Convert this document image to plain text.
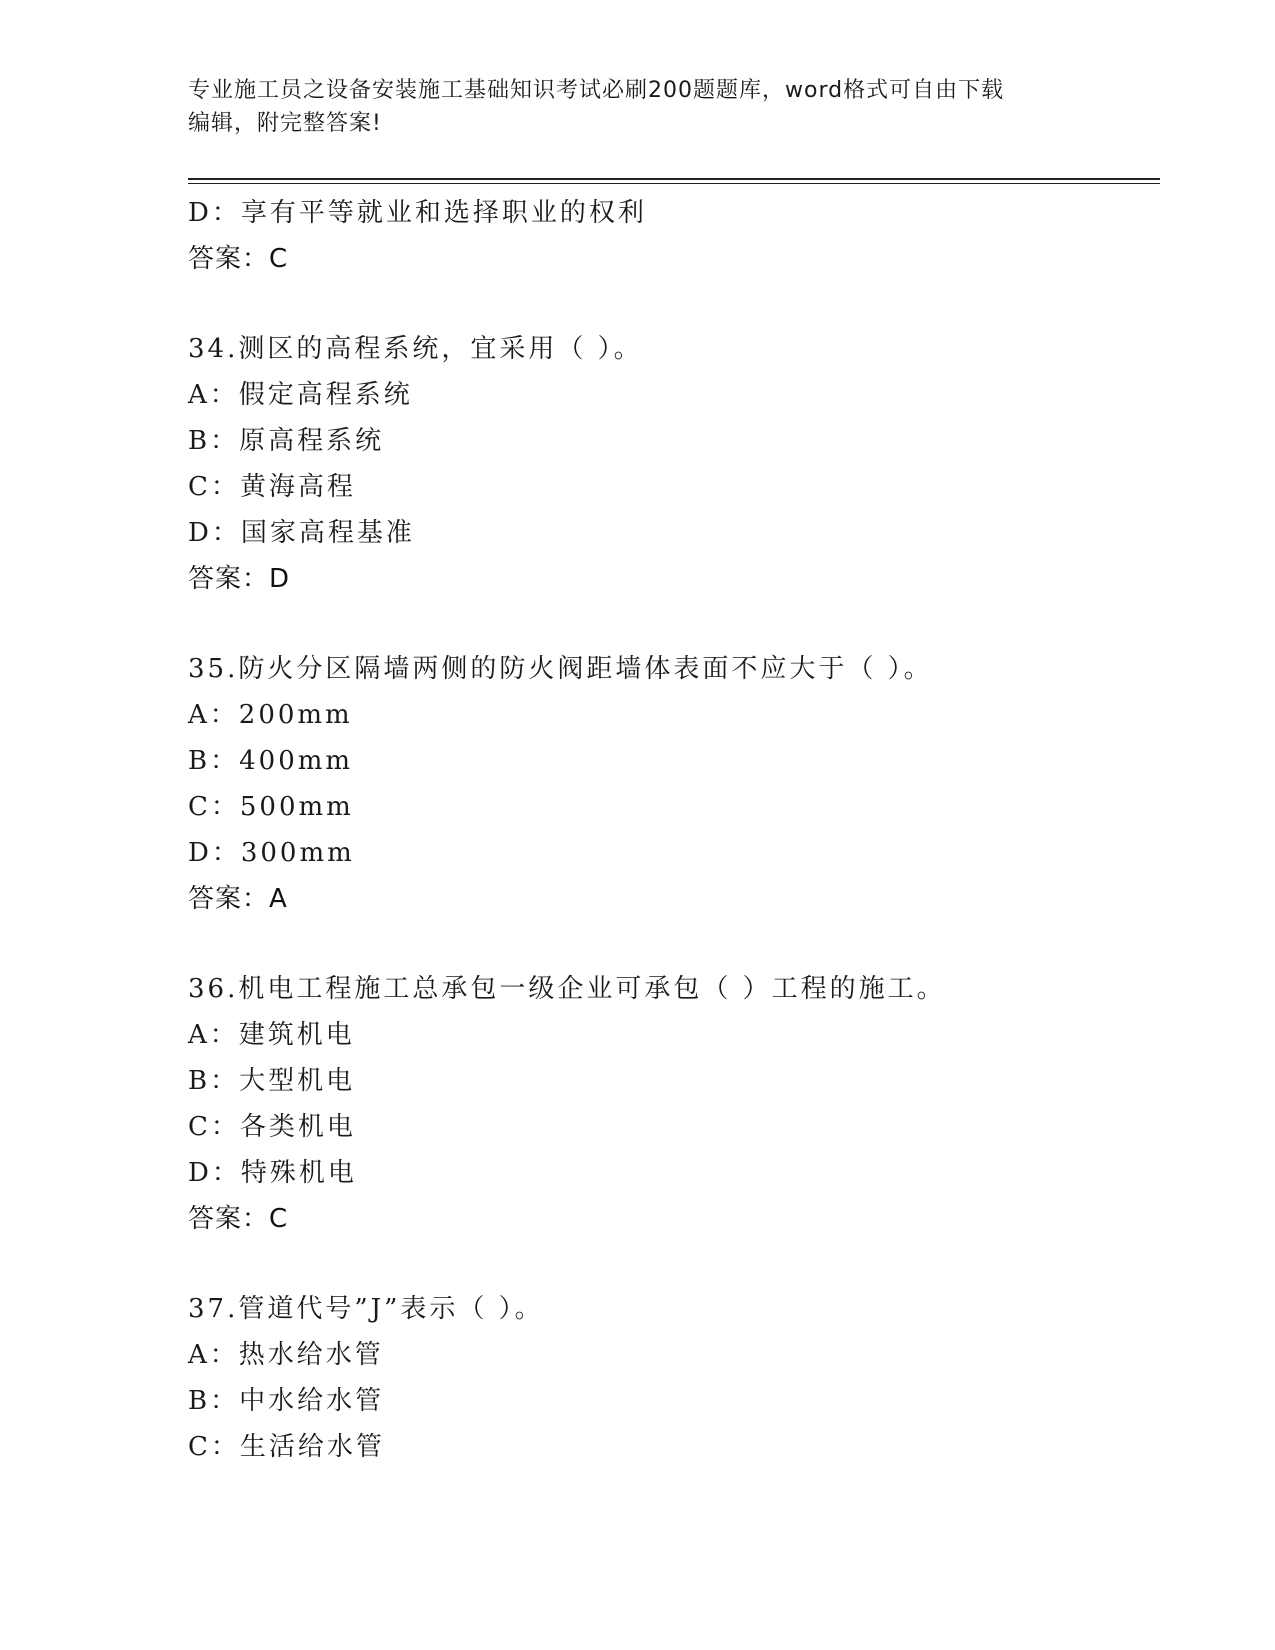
专业施工员之设备安装施工基础知识考试必刷200题题库，word格式可自由下载
编辑，附完整答案!
D：享有平等就业和选择职业的权利
答案：C
34.测区的高程系统，宜采用（ ）。
A：假定高程系统
B：原高程系统
C：黄海高程
D：国家高程基准
答案：D
35.防火分区隔墙两侧的防火阀距墙体表面不应大于（ ）。
A：200mm
B：400mm
C：500mm
D：300mm
答案：A
36.机电工程施工总承包一级企业可承包（ ）工程的施工。
A：建筑机电
B：大型机电
C：各类机电
D：特殊机电
答案：C
37.管道代号”J”表示（ ）。
A：热水给水管
B：中水给水管
C：生活给水管
